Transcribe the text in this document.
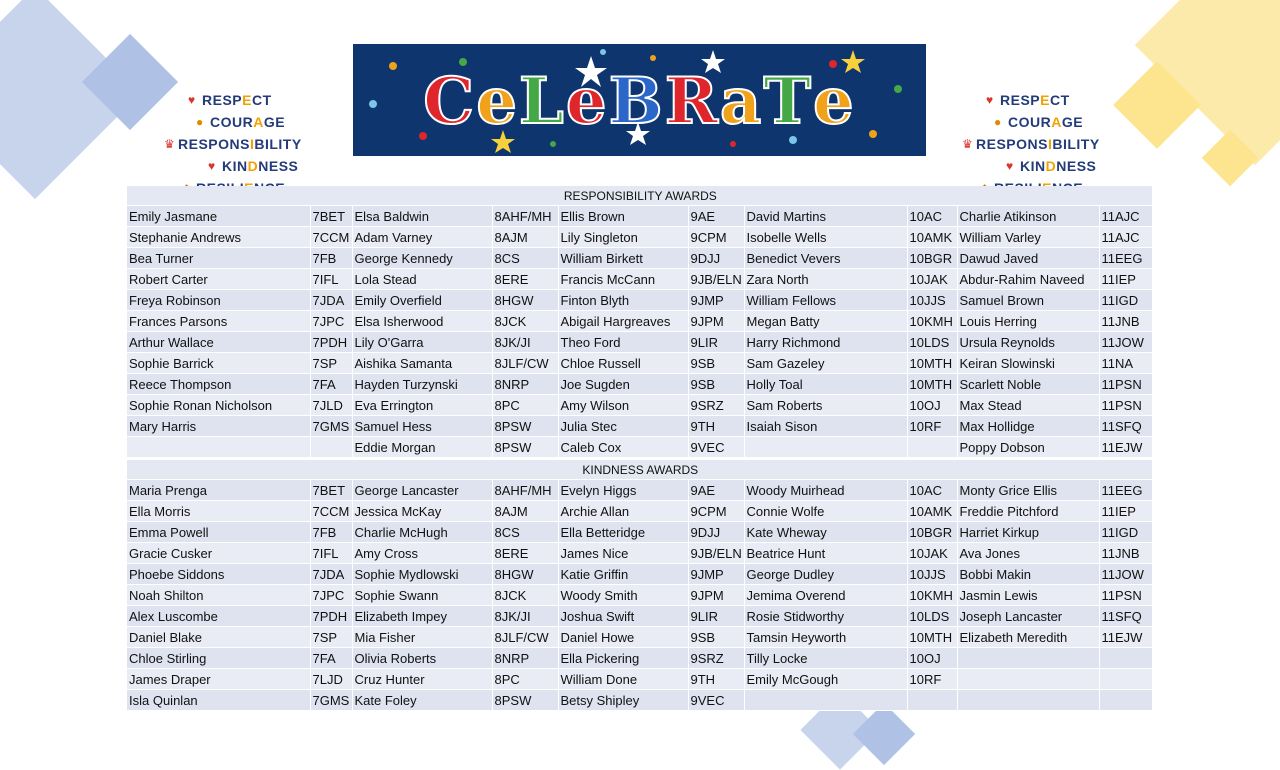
CeLeBRaTe
RESPECT
♥
COURAGE
●
RESPONSIBILITY
♛
KINDNESS
♥
RESPECT
♥
COURAGE
●
RESPONSIBILITY
♛
KINDNESS
♥
RESPONSIBILITY AWARDS									
Emily Jasmane	7BET	Elsa Baldwin	8AHF/MH	Ellis Brown	9AE	David Martins	10AC	Charlie Atikinson	11AJC
Stephanie Andrews	7CCM	Adam Varney	8AJM	Lily Singleton	9CPM	Isobelle Wells	10AMK	William Varley	11AJC
Bea Turner	7FB	George Kennedy	8CS	William Birkett	9DJJ	Benedict Vevers	10BGR	Dawud Javed	11EEG
Robert Carter	7IFL	Lola Stead	8ERE	Francis McCann	9JB/ELN	Zara North	10JAK	Abdur-Rahim Naveed	11IEP
Freya Robinson	7JDA	Emily Overfield	8HGW	Finton Blyth	9JMP	William Fellows	10JJS	Samuel Brown	11IGD
Frances Parsons	7JPC	Elsa Isherwood	8JCK	Abigail Hargreaves	9JPM	Megan Batty	10KMH	Louis Herring	11JNB
Arthur Wallace	7PDH	Lily O'Garra	8JK/JI	Theo Ford	9LIR	Harry Richmond	10LDS	Ursula Reynolds	11JOW
Sophie Barrick	7SP	Aishika Samanta	8JLF/CW	Chloe Russell	9SB	Sam Gazeley	10MTH	Keiran Slowinski	11NA
Reece Thompson	7FA	Hayden Turzynski	8NRP	Joe Sugden	9SB	Holly Toal	10MTH	Scarlett Noble	11PSN
Sophie Ronan Nicholson	7JLD	Eva Errington	8PC	Amy Wilson	9SRZ	Sam Roberts	10OJ	Max Stead	11PSN
Mary Harris	7GMS	Samuel Hess	8PSW	Julia Stec	9TH	Isaiah Sison	10RF	Max Hollidge	11SFQ
		Eddie Morgan	8PSW	Caleb Cox	9VEC			Poppy Dobson	11EJW
KINDNESS AWARDS									
Maria Prenga	7BET	George Lancaster	8AHF/MH	Evelyn Higgs	9AE	Woody Muirhead	10AC	Monty Grice Ellis	11EEG
Ella Morris	7CCM	Jessica McKay	8AJM	Archie Allan	9CPM	Connie Wolfe	10AMK	Freddie Pitchford	11IEP
Emma Powell	7FB	Charlie McHugh	8CS	Ella Betteridge	9DJJ	Kate Wheway	10BGR	Harriet Kirkup	11IGD
Gracie Cusker	7IFL	Amy Cross	8ERE	James Nice	9JB/ELN	Beatrice Hunt	10JAK	Ava Jones	11JNB
Phoebe Siddons	7JDA	Sophie Mydlowski	8HGW	Katie Griffin	9JMP	George Dudley	10JJS	Bobbi Makin	11JOW
Noah Shilton	7JPC	Sophie Swann	8JCK	Woody Smith	9JPM	Jemima Overend	10KMH	Jasmin Lewis	11PSN
Alex Luscombe	7PDH	Elizabeth Impey	8JK/JI	Joshua Swift	9LIR	Rosie Stidworthy	10LDS	Joseph Lancaster	11SFQ
Daniel Blake	7SP	Mia Fisher	8JLF/CW	Daniel Howe	9SB	Tamsin Heyworth	10MTH	Elizabeth Meredith	11EJW
Chloe Stirling	7FA	Olivia Roberts	8NRP	Ella Pickering	9SRZ	Tilly Locke	10OJ		
James Draper	7LJD	Cruz Hunter	8PC	William Done	9TH	Emily McGough	10RF		
Isla Quinlan	7GMS	Kate Foley	8PSW	Betsy Shipley	9VEC				
